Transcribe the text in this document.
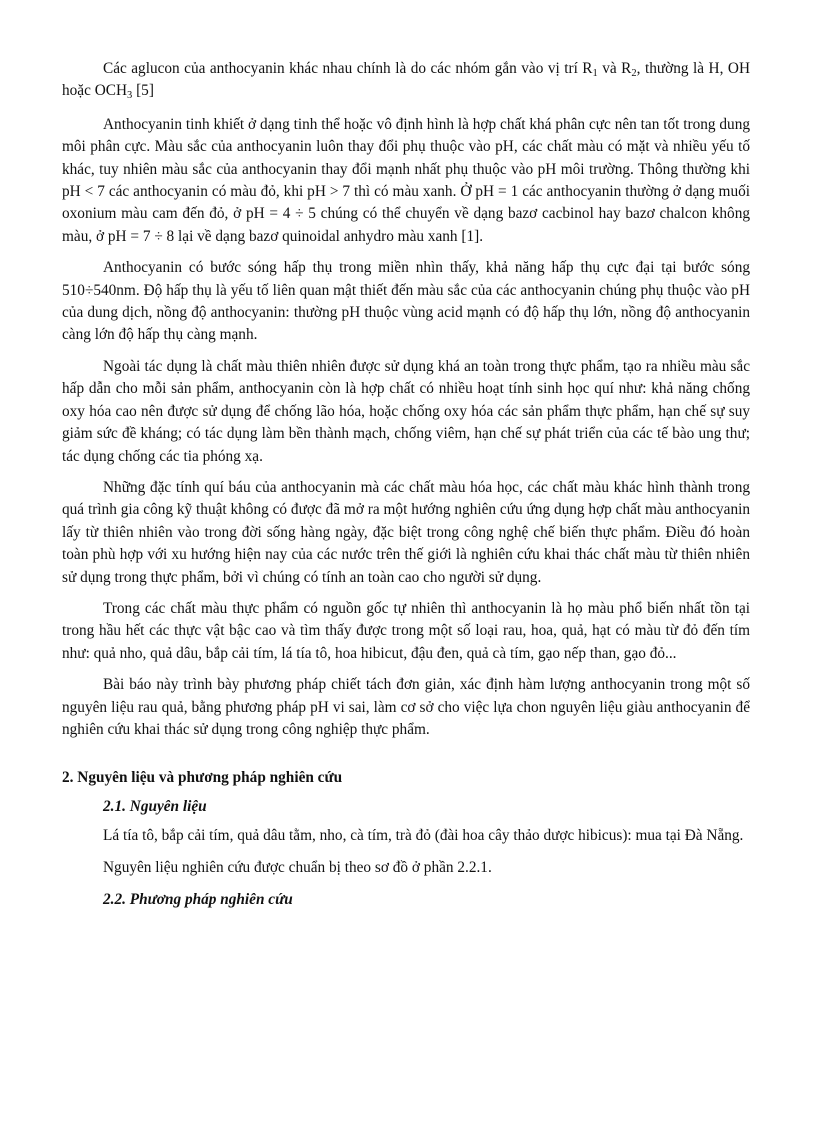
Các aglucon của anthocyanin khác nhau chính là do các nhóm gắn vào vị trí $R_1$ và $R_2$, thường là H, OH hoặc $OCH_3$ [5]

Anthocyanin tinh khiết ở dạng tinh thể hoặc vô định hình là hợp chất khá phân cực nên tan tốt trong dung môi phân cực. Màu sắc của anthocyanin luôn thay đổi phụ thuộc vào pH, các chất màu có mặt và nhiều yếu tố khác, tuy nhiên màu sắc của anthocyanin thay đổi mạnh nhất phụ thuộc vào pH môi trường. Thông thường khi pH < 7 các anthocyanin có màu đỏ, khi pH > 7 thì có màu xanh. Ở pH = 1 các anthocyanin thường ở dạng muối oxonium màu cam đến đỏ, ở pH = 4 ÷ 5 chúng có thể chuyển về dạng bazơ cacbinol hay bazơ chalcon không màu, ở pH = 7 ÷ 8 lại về dạng bazơ quinoidal anhydro màu xanh [1].

Anthocyanin có bước sóng hấp thụ trong miền nhìn thấy, khả năng hấp thụ cực đại tại bước sóng 510÷540nm. Độ hấp thụ là yếu tố liên quan mật thiết đến màu sắc của các anthocyanin chúng phụ thuộc vào pH của dung dịch, nồng độ anthocyanin: thường pH thuộc vùng acid mạnh có độ hấp thụ lớn, nồng độ anthocyanin càng lớn độ hấp thụ càng mạnh.

Ngoài tác dụng là chất màu thiên nhiên được sử dụng khá an toàn trong thực phẩm, tạo ra nhiều màu sắc hấp dẫn cho mỗi sản phẩm, anthocyanin còn là hợp chất có nhiều hoạt tính sinh học quí như: khả năng chống oxy hóa cao nên được sử dụng để chống lão hóa, hoặc chống oxy hóa các sản phẩm thực phẩm, hạn chế sự suy giảm sức đề kháng; có tác dụng làm bền thành mạch, chống viêm, hạn chế sự phát triển của các tế bào ung thư; tác dụng chống các tia phóng xạ.

Những đặc tính quí báu của anthocyanin mà các chất màu hóa học, các chất màu khác hình thành trong quá trình gia công kỹ thuật không có được đã mở ra một hướng nghiên cứu ứng dụng hợp chất màu anthocyanin lấy từ thiên nhiên vào trong đời sống hàng ngày, đặc biệt trong công nghệ chế biến thực phẩm. Điều đó hoàn toàn phù hợp với xu hướng hiện nay của các nước trên thế giới là nghiên cứu khai thác chất màu từ thiên nhiên sử dụng trong thực phẩm, bởi vì chúng có tính an toàn cao cho người sử dụng.

Trong các chất màu thực phẩm có nguồn gốc tự nhiên thì anthocyanin là họ màu phổ biến nhất tồn tại trong hầu hết các thực vật bậc cao và tìm thấy được trong một số loại rau, hoa, quả, hạt có màu từ đỏ đến tím như: quả nho, quả dâu, bắp cải tím, lá tía tô, hoa hibicut, đậu đen, quả cà tím, gạo nếp than, gạo đỏ...

Bài báo này trình bày phương pháp chiết tách đơn giản, xác định hàm lượng anthocyanin trong một số nguyên liệu rau quả, bằng phương pháp pH vi sai, làm cơ sở cho việc lựa chon nguyên liệu giàu anthocyanin để nghiên cứu khai thác sử dụng trong công nghiệp thực phẩm.

2. Nguyên liệu và phương pháp nghiên cứu
2.1. Nguyên liệu

Lá tía tô, bắp cải tím, quả dâu tằm, nho, cà tím, trà đỏ (đài hoa cây thảo dược hibicus): mua tại Đà Nẵng.

Nguyên liệu nghiên cứu được chuẩn bị theo sơ đồ ở phần 2.2.1.

2.2. Phương pháp nghiên cứu
